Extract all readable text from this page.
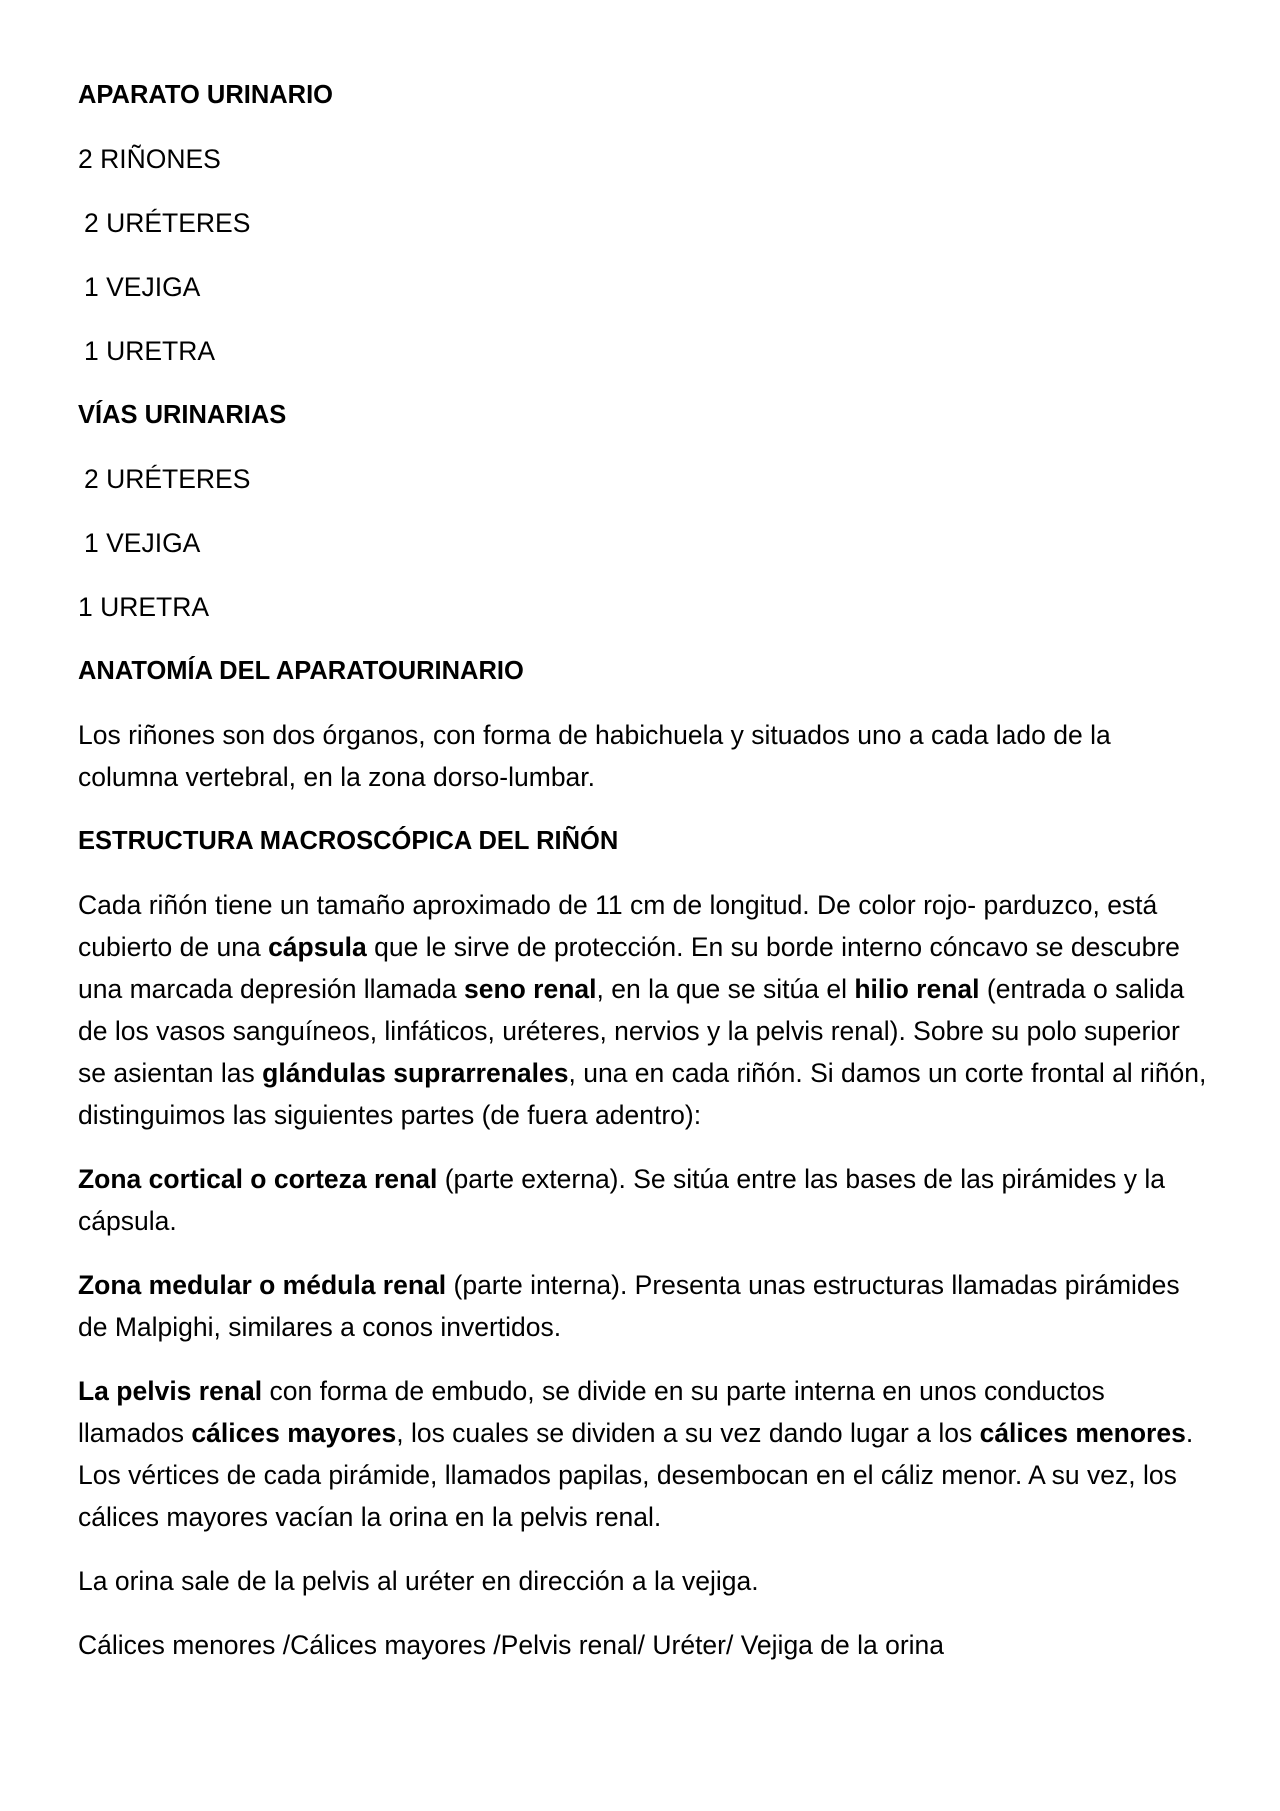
APARATO URINARIO

2 RIÑONES

2 URÉTERES

1 VEJIGA

1 URETRA

VÍAS URINARIAS

2 URÉTERES

1 VEJIGA

1 URETRA

ANATOMÍA DEL APARATOURINARIO

Los riñones son dos órganos, con forma de habichuela y situados uno a cada lado de la columna vertebral, en la zona dorso-lumbar.

ESTRUCTURA MACROSCÓPICA DEL RIÑÓN

Cada riñón tiene un tamaño aproximado de 11 cm de longitud. De color rojo- parduzco, está cubierto de una cápsula que le sirve de protección. En su borde interno cóncavo se descubre una marcada depresión llamada seno renal, en la que se sitúa el hilio renal (entrada o salida de los vasos sanguíneos, linfáticos, uréteres, nervios y la pelvis renal). Sobre su polo superior se asientan las glándulas suprarrenales, una en cada riñón. Si damos un corte frontal al riñón, distinguimos las siguientes partes (de fuera adentro):

Zona cortical o corteza renal (parte externa). Se sitúa entre las bases de las pirámides y la cápsula.

Zona medular o médula renal (parte interna). Presenta unas estructuras llamadas pirámides de Malpighi, similares a conos invertidos.

La pelvis renal con forma de embudo, se divide en su parte interna en unos conductos llamados cálices mayores, los cuales se dividen a su vez dando lugar a los cálices menores. Los vértices de cada pirámide, llamados papilas, desembocan en el cáliz menor. A su vez, los cálices mayores vacían la orina en la pelvis renal.

La orina sale de la pelvis al uréter en dirección a la vejiga.

Cálices menores /Cálices mayores /Pelvis renal/ Uréter/ Vejiga de la orina
